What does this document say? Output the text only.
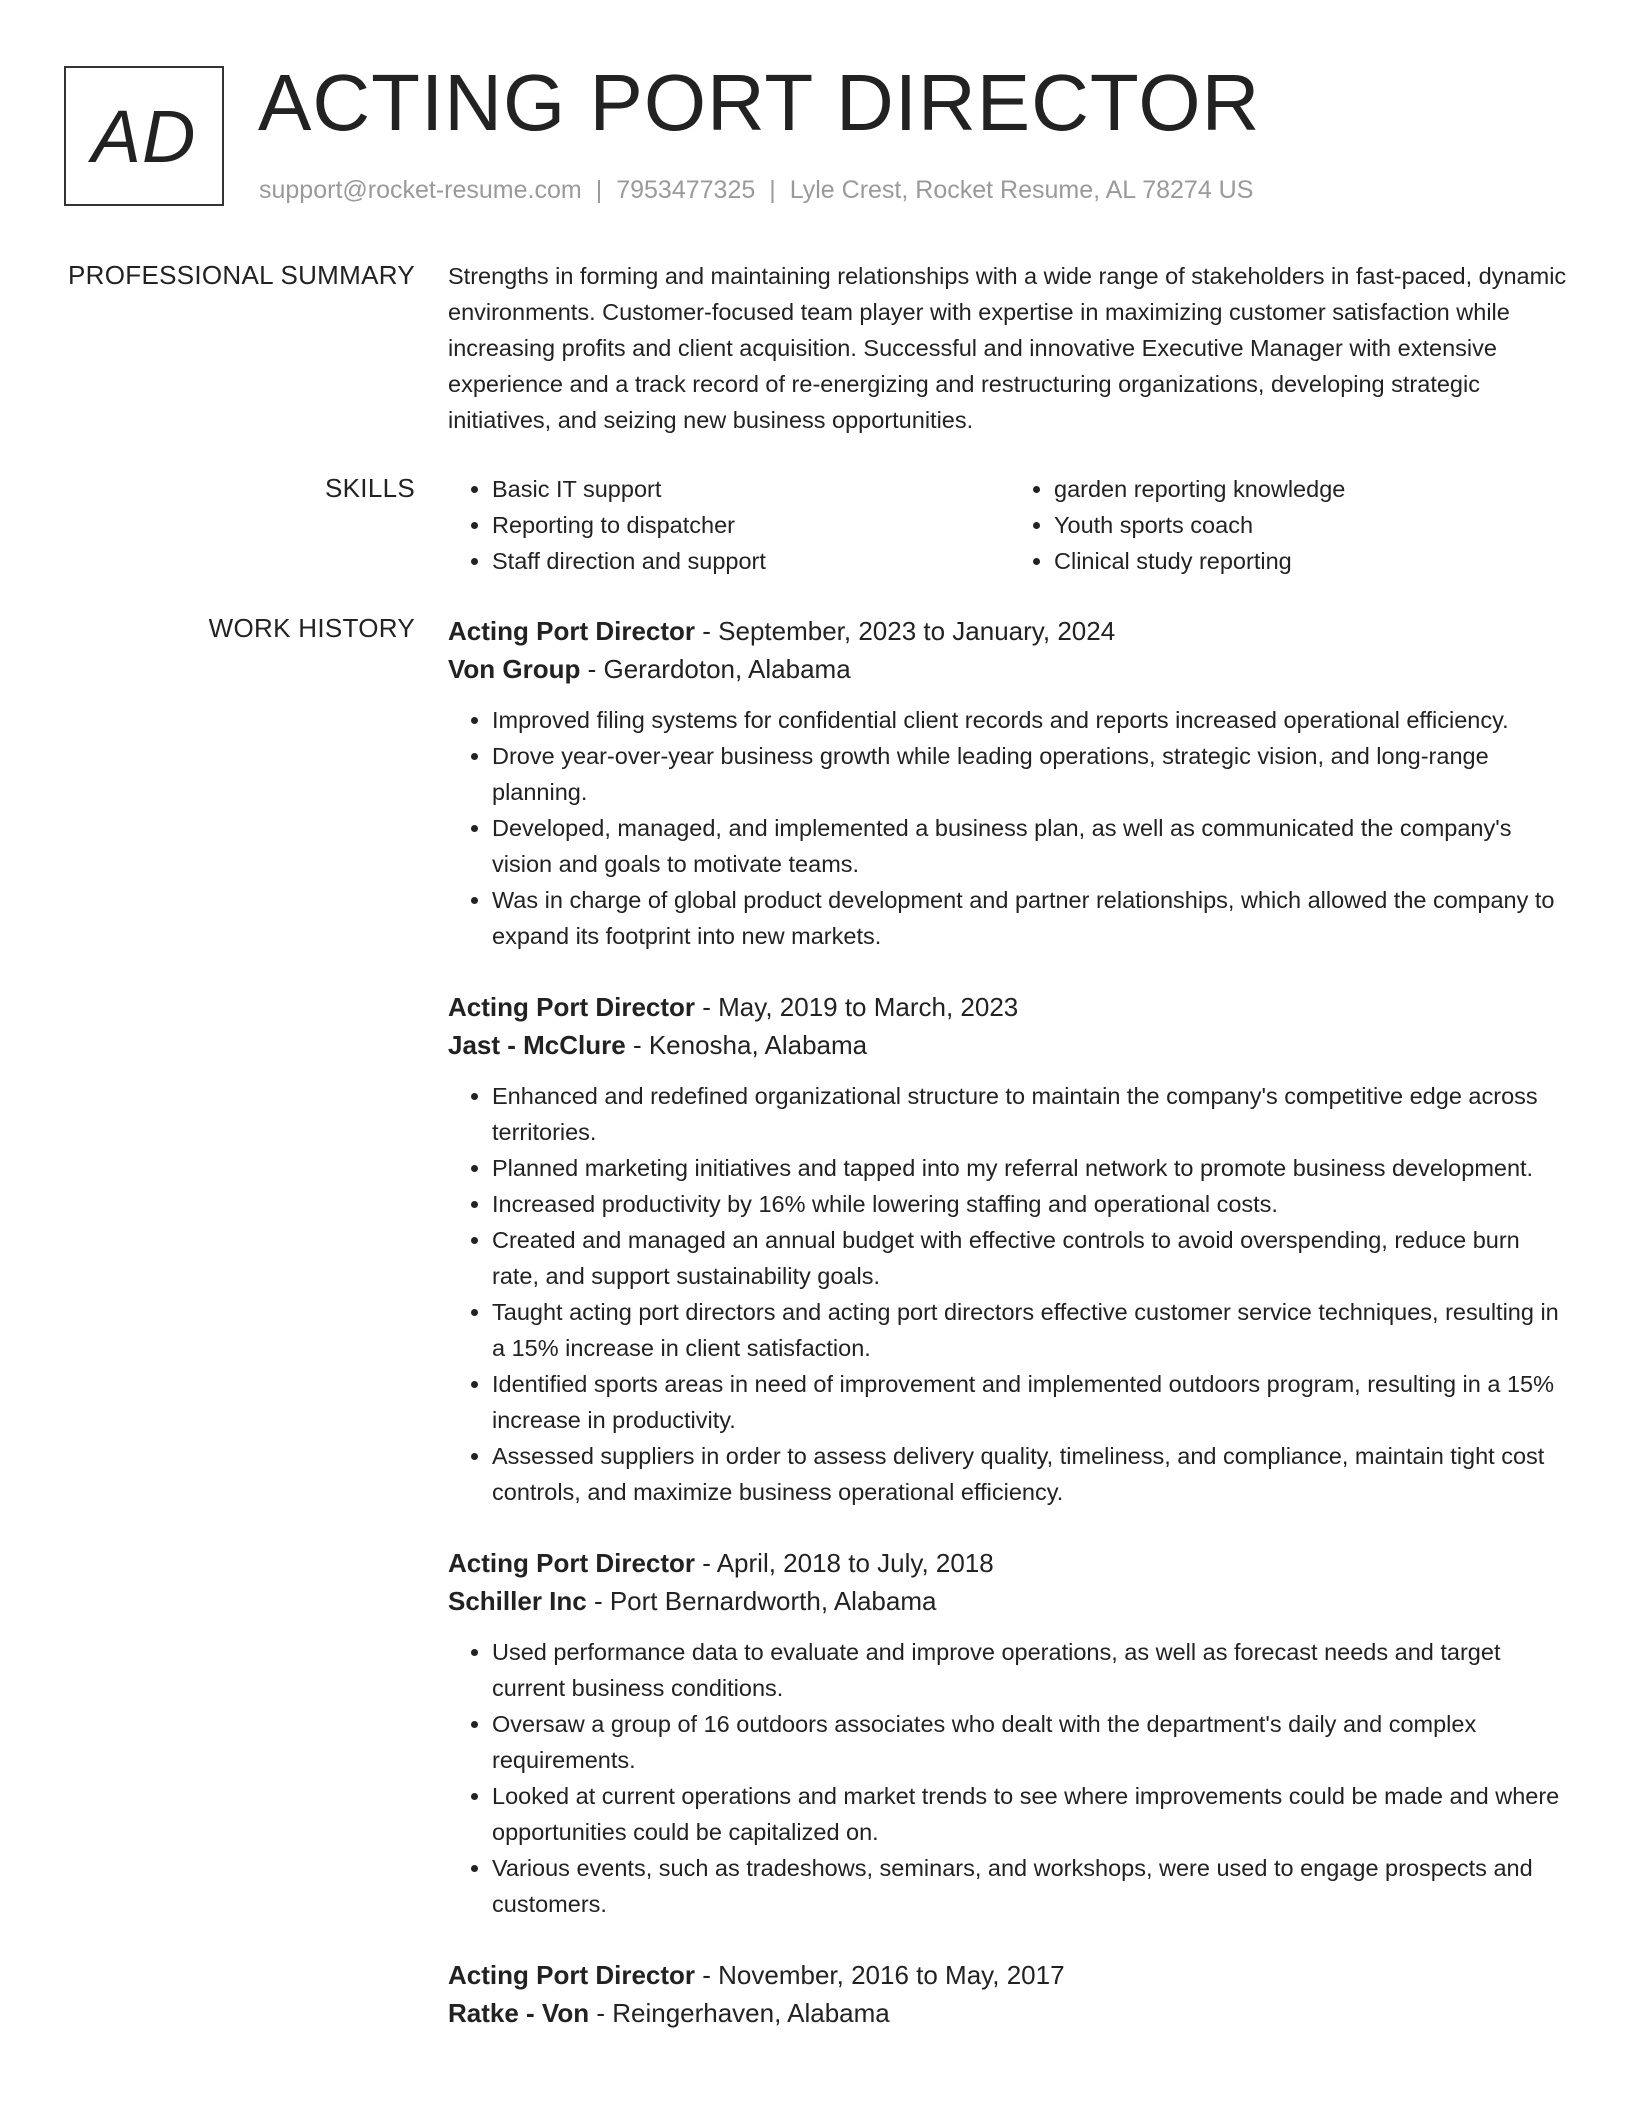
AD ACTING PORT DIRECTOR
support@rocket-resume.com | 7953477325 | Lyle Crest, Rocket Resume, AL 78274 US
PROFESSIONAL SUMMARY Strengths in forming and maintaining relationships with a wide range of stakeholders in fast-paced, dynamic environments. Customer-focused team player with expertise in maximizing customer satisfaction while increasing profits and client acquisition. Successful and innovative Executive Manager with extensive experience and a track record of re-energizing and restructuring organizations, developing strategic initiatives, and seizing new business opportunities.
SKILLS
•	Basic IT support
• Reporting to dispatcher
• Staff direction and support
• garden reporting knowledge
• Youth sports coach
• Clinical study reporting
WORK HISTORY Acting Port Director - September, 2023 to January, 2024
Von Group - Gerardoton, Alabama
• Improved filing systems for confidential client records and reports increased operational efficiency.
• Drove year-over-year business growth while leading operations, strategic vision, and long-range planning.
• Developed, managed, and implemented a business plan, as well as communicated the company's vision and goals to motivate teams.
• Was in charge of global product development and partner relationships, which allowed the company to expand its footprint into new markets.
Acting Port Director - May, 2019 to March, 2023
Jast - McClure - Kenosha, Alabama
• Enhanced and redefined organizational structure to maintain the company's competitive edge across territories.
• Planned marketing initiatives and tapped into my referral network to promote business development.
• Increased productivity by 16% while lowering staffing and operational costs.
• Created and managed an annual budget with effective controls to avoid overspending, reduce burn rate, and support sustainability goals.
• Taught acting port directors and acting port directors effective customer service techniques, resulting in a 15% increase in client satisfaction.
• Identified sports areas in need of improvement and implemented outdoors program, resulting in a 15% increase in productivity.
• Assessed suppliers in order to assess delivery quality, timeliness, and compliance, maintain tight cost controls, and maximize business operational efficiency.
Acting Port Director - April, 2018 to July, 2018
Schiller Inc - Port Bernardworth, Alabama
• Used performance data to evaluate and improve operations, as well as forecast needs and target current business conditions.
• Oversaw a group of 16 outdoors associates who dealt with the department's daily and complex requirements.
• Looked at current operations and market trends to see where improvements could be made and where opportunities could be capitalized on.
• Various events, such as tradeshows, seminars, and workshops, were used to engage prospects and customers.
Acting Port Director - November, 2016 to May, 2017
Ratke - Von - Reingerhaven, Alabama
